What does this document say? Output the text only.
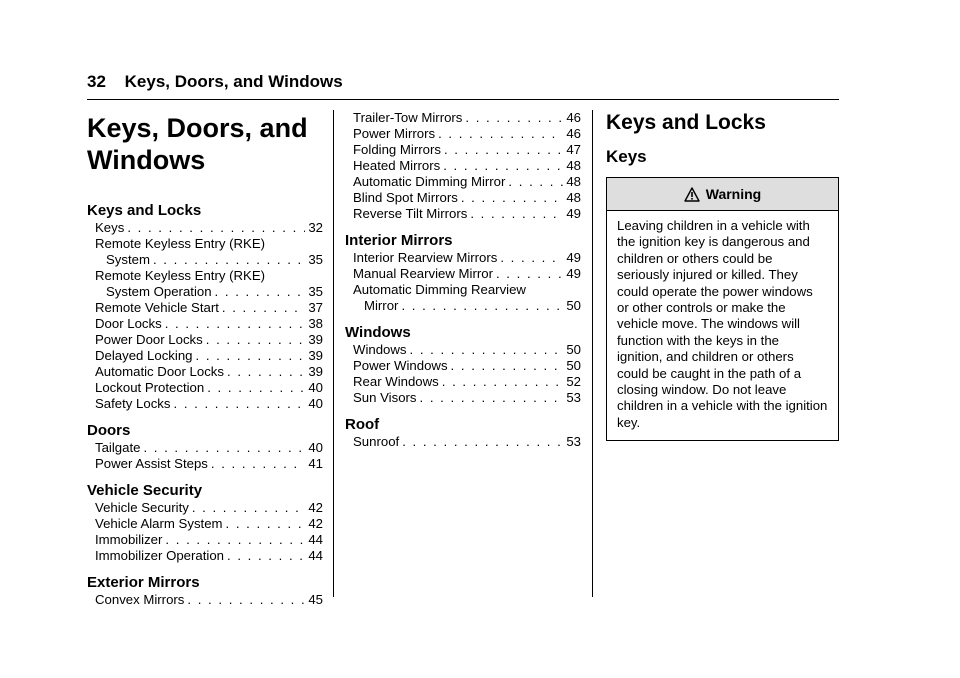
32 Keys, Doors, and Windows
Keys, Doors, and
Windows
Keys and Locks
Keys . . .	32
Remote Keyless Entry (RKE)
System . . .	35
Remote Keyless Entry (RKE)
System Operation . . .	35
Remote Vehicle Start . . .	37
Door Locks . . .	38
Power Door Locks . . .	39
Delayed Locking . . .	39
Automatic Door Locks . . .	39
Lockout Protection . . .	40
Safety Locks . . .	40
Doors
Tailgate . . .	40
Power Assist Steps . . .	41
Vehicle Security
Vehicle Security . . .	42
Vehicle Alarm System . . .	42
Immobilizer . . .	44
Immobilizer Operation . . .	44
Exterior Mirrors
Convex Mirrors . . .	45
Trailer-Tow Mirrors . . .	46
Power Mirrors . . .	46
Folding Mirrors . . .	47
Heated Mirrors . . .	48
Automatic Dimming Mirror . . .	48
Blind Spot Mirrors . . .	48
Reverse Tilt Mirrors . . .	49
Interior Mirrors
Interior Rearview Mirrors . . .	49
Manual Rearview Mirror . . .	49
Automatic Dimming Rearview
Mirror . . .	50
Windows
Windows . . .	50
Power Windows . . .	50
Rear Windows . . .	52
Sun Visors . . .	53
Roof
Sunroof . . .	53
Keys and Locks
Keys
Warning
Leaving children in a vehicle with the ignition key is dangerous and children or others could be seriously injured or killed. They could operate the power windows or other controls or make the vehicle move. The windows will function with the keys in the ignition, and children or others could be caught in the path of a closing window. Do not leave children in a vehicle with the ignition key.
